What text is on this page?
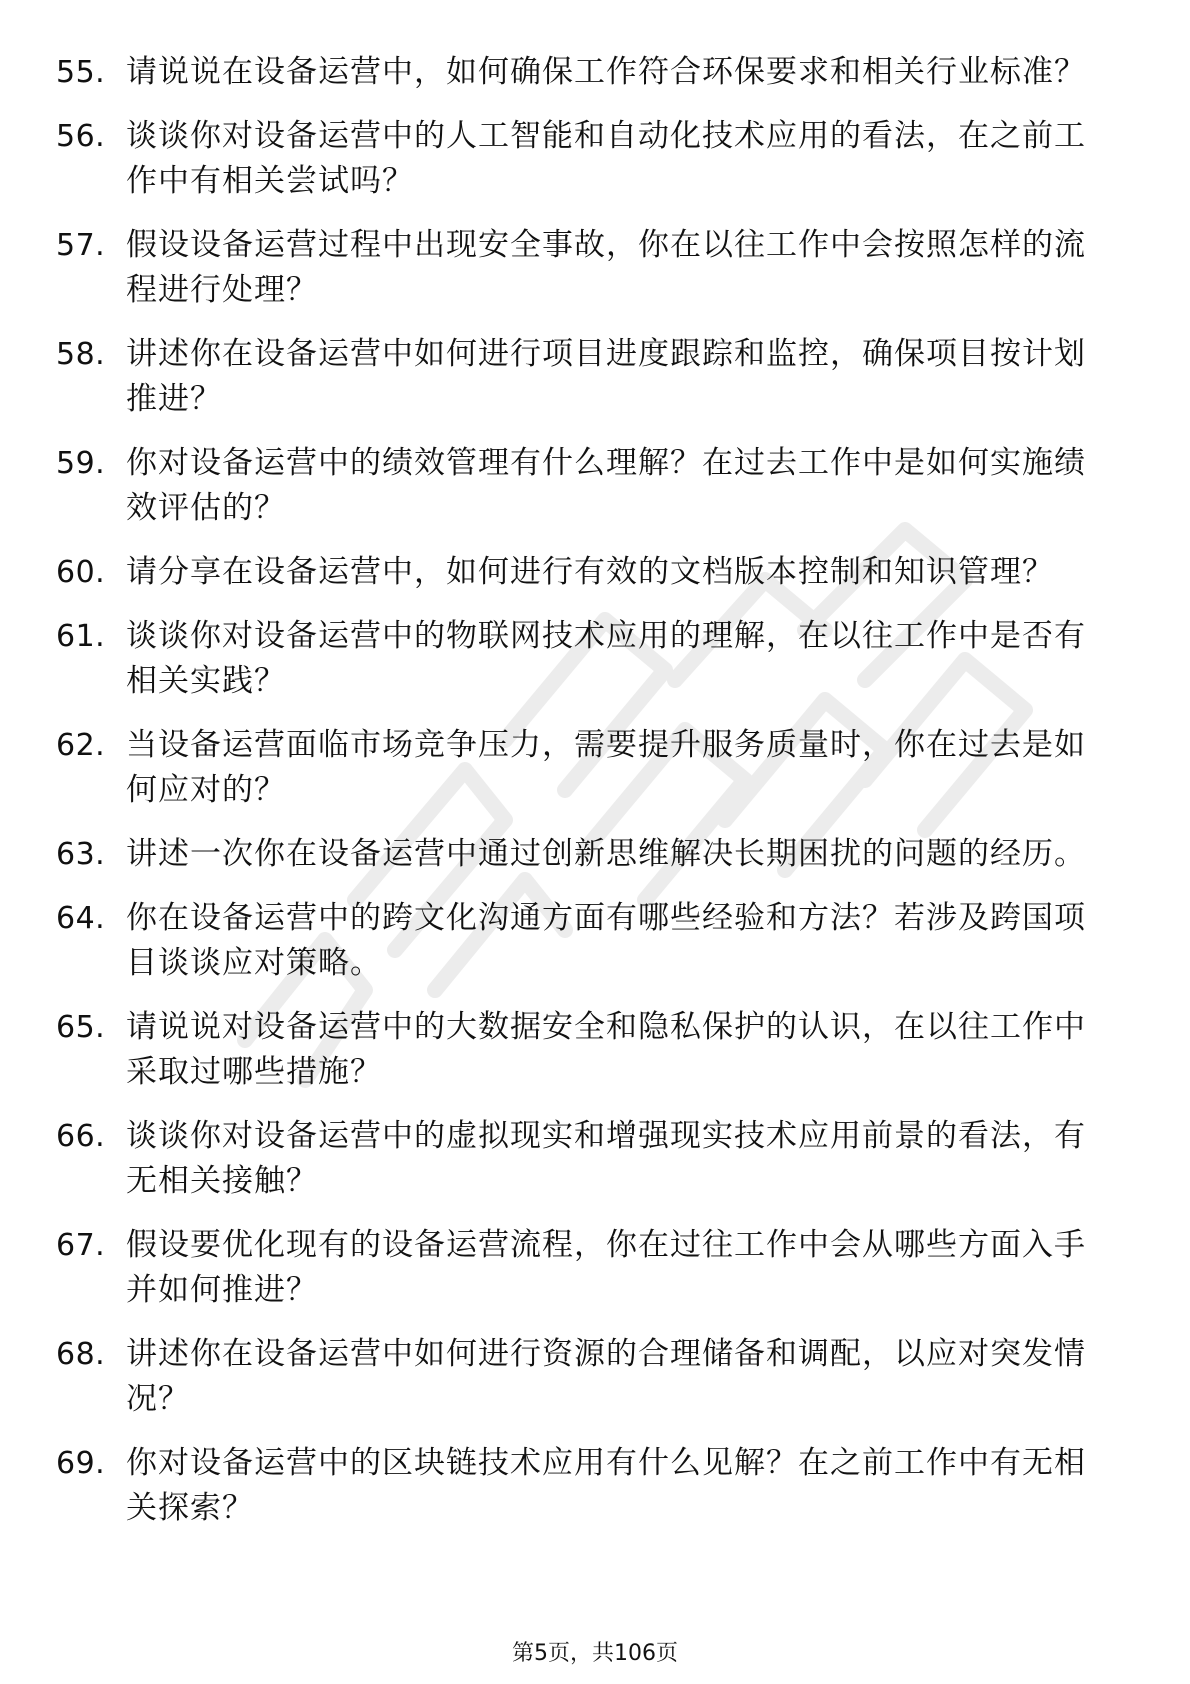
55. 请说说在设备运营中，如何确保工作符合环保要求和相关行业标准？
56. 谈谈你对设备运营中的人工智能和自动化技术应用的看法，在之前工作中有相关尝试吗？
57. 假设设备运营过程中出现安全事故，你在以往工作中会按照怎样的流程进行处理？
58. 讲述你在设备运营中如何进行项目进度跟踪和监控，确保项目按计划推进？
59. 你对设备运营中的绩效管理有什么理解？在过去工作中是如何实施绩效评估的？
60. 请分享在设备运营中，如何进行有效的文档版本控制和知识管理？
61. 谈谈你对设备运营中的物联网技术应用的理解，在以往工作中是否有相关实践？
62. 当设备运营面临市场竞争压力，需要提升服务质量时，你在过去是如何应对的？
63. 讲述一次你在设备运营中通过创新思维解决长期困扰的问题的经历。
64. 你在设备运营中的跨文化沟通方面有哪些经验和方法？若涉及跨国项目谈谈应对策略。
65. 请说说对设备运营中的大数据安全和隐私保护的认识，在以往工作中采取过哪些措施？
66. 谈谈你对设备运营中的虚拟现实和增强现实技术应用前景的看法，有无相关接触？
67. 假设要优化现有的设备运营流程，你在过往工作中会从哪些方面入手并如何推进？
68. 讲述你在设备运营中如何进行资源的合理储备和调配，以应对突发情况？
69. 你对设备运营中的区块链技术应用有什么见解？在之前工作中有无相关探索？
第5页，共106页
